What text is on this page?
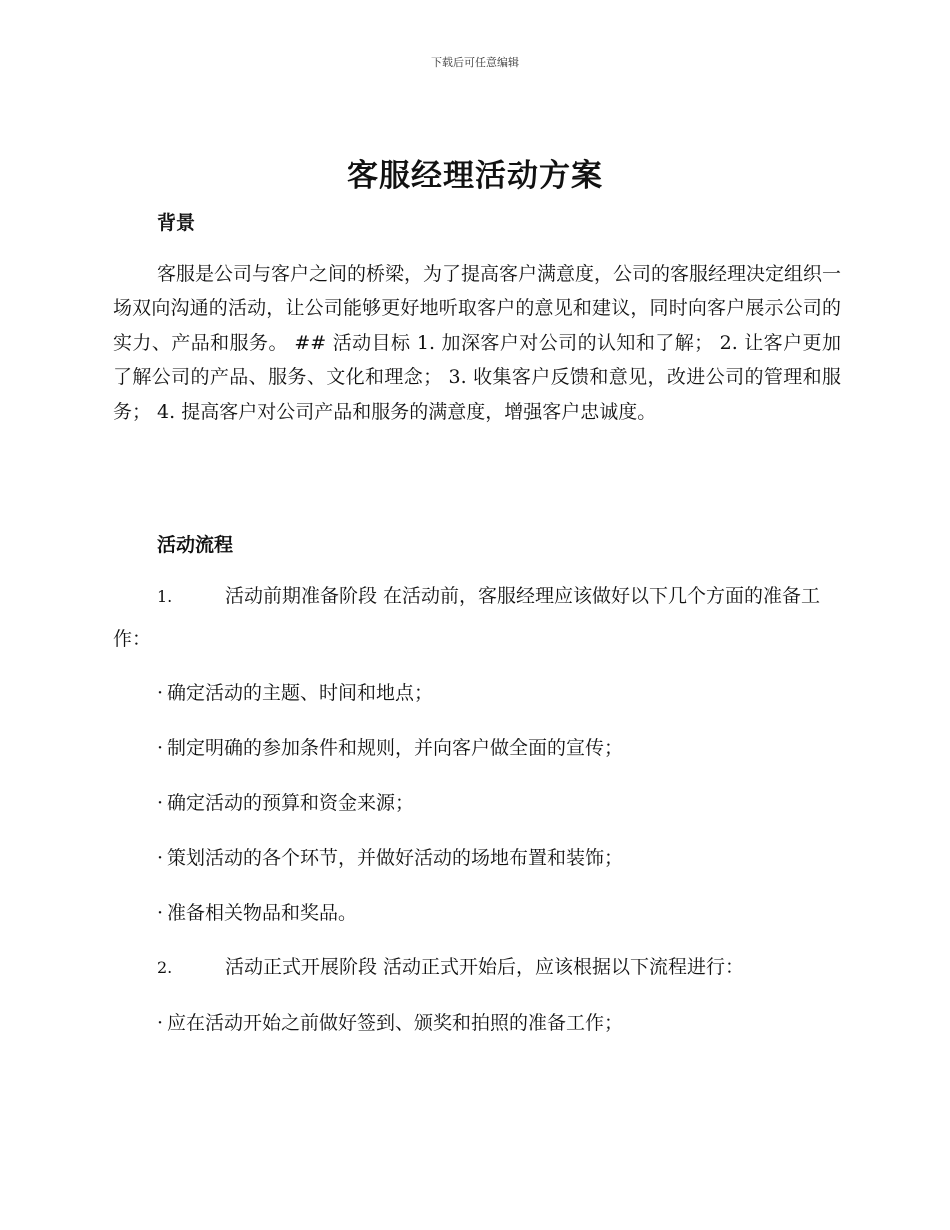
下载后可任意编辑
客服经理活动方案
背景

客服是公司与客户之间的桥梁，为了提高客户满意度，公司的客服经理决定组织一场双向沟通的活动，让公司能够更好地听取客户的意见和建议，同时向客户展示公司的实力、产品和服务。 ## 活动目标 1. 加深客户对公司的认知和了解； 2. 让客户更加了解公司的产品、服务、文化和理念； 3. 收集客户反馈和意见，改进公司的管理和服务； 4. 提高客户对公司产品和服务的满意度，增强客户忠诚度。

活动流程
1.	活动前期准备阶段 在活动前，客服经理应该做好以下几个方面的准备工作：
· 确定活动的主题、时间和地点；
· 制定明确的参加条件和规则，并向客户做全面的宣传；
· 确定活动的预算和资金来源；
· 策划活动的各个环节，并做好活动的场地布置和装饰；
· 准备相关物品和奖品。
2.	活动正式开展阶段 活动正式开始后，应该根据以下流程进行：
· 应在活动开始之前做好签到、颁奖和拍照的准备工作；
